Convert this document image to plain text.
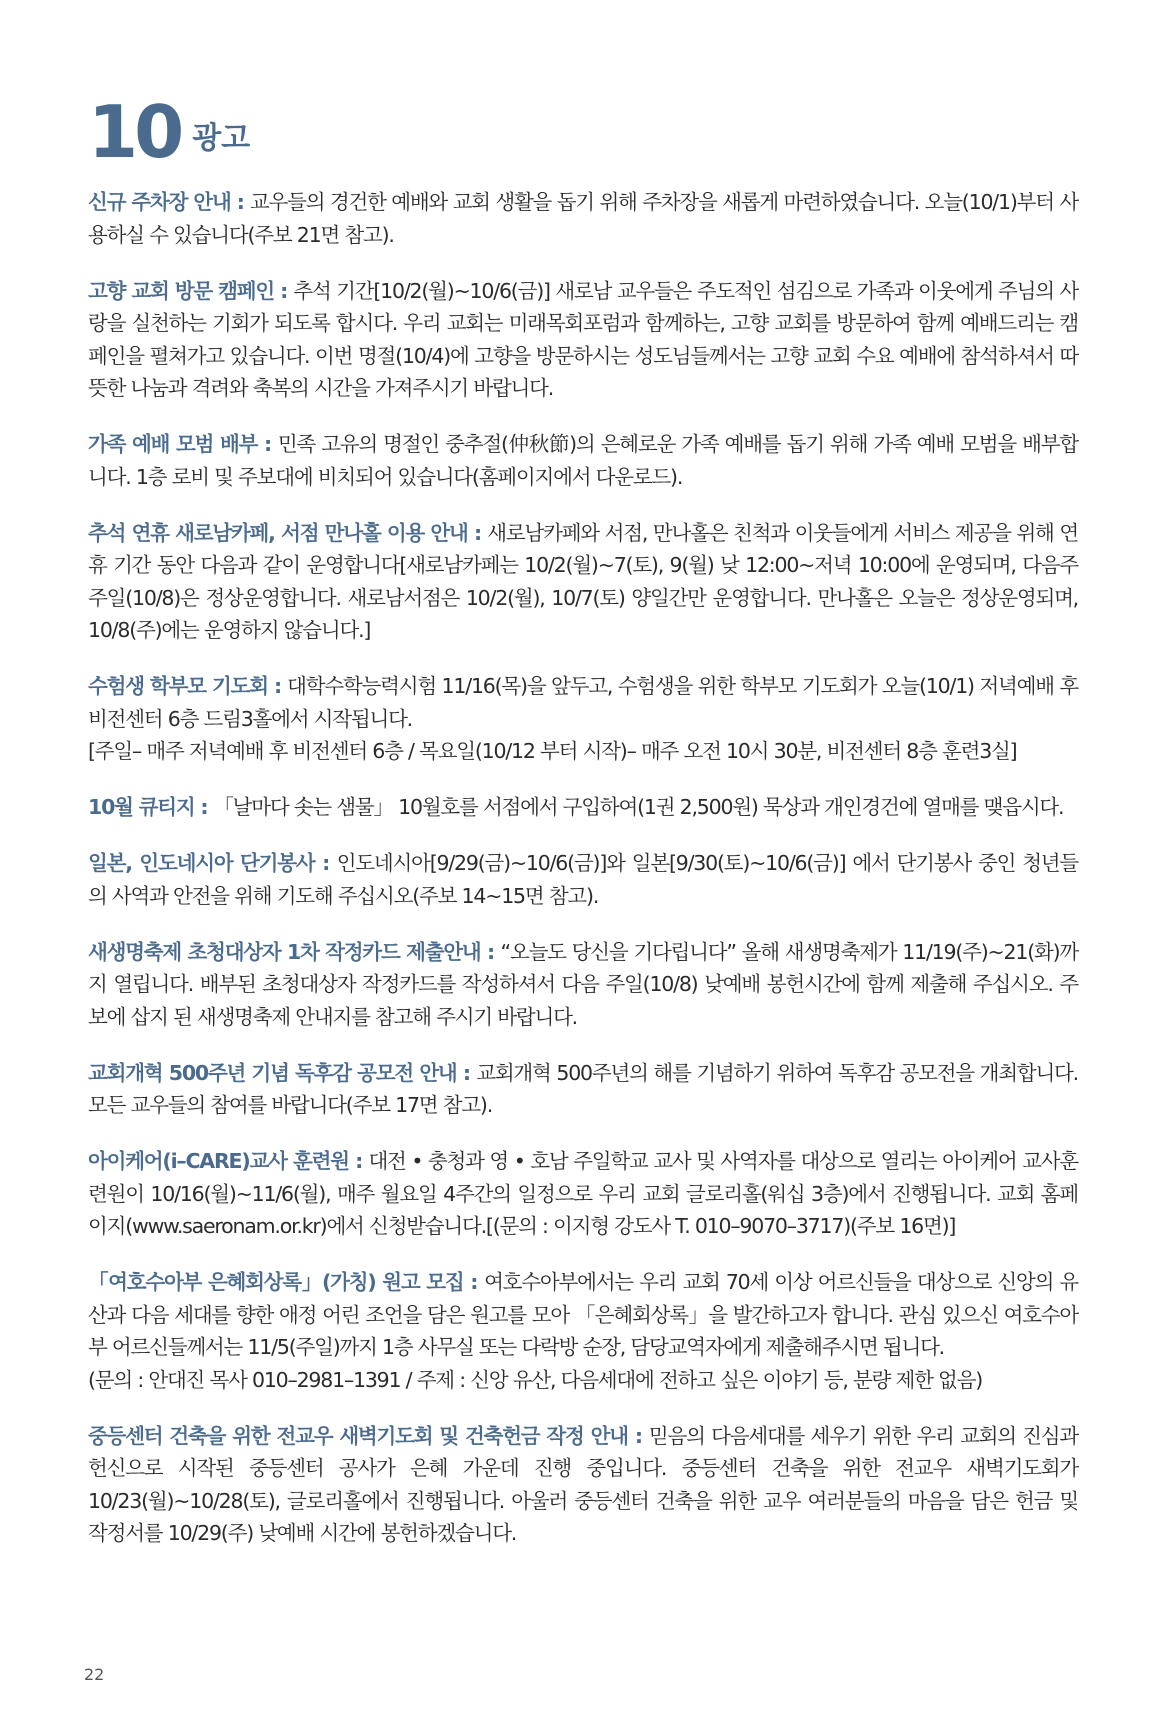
10 광고

신규 주차장 안내 : 교우들의 경건한 예배와 교회 생활을 돕기 위해 주차장을 새롭게 마련하였습니다. 오늘(10/1)부터 사용하실 수 있습니다(주보 21면 참고).

고향 교회 방문 캠페인 : 추석 기간[10/2(월)~10/6(금)] 새로남 교우들은 주도적인 섬김으로 가족과 이웃에게 주님의 사랑을 실천하는 기회가 되도록 합시다. 우리 교회는 미래목회포럼과 함께하는, 고향 교회를 방문하여 함께 예배드리는 캠페인을 펼쳐가고 있습니다. 이번 명절(10/4)에 고향을 방문하시는 성도님들께서는 고향 교회 수요 예배에 참석하셔서 따뜻한 나눔과 격려와 축복의 시간을 가져주시기 바랍니다.

가족 예배 모범 배부 : 민족 고유의 명절인 중추절(仲秋節)의 은혜로운 가족 예배를 돕기 위해 가족 예배 모범을 배부합니다. 1층 로비 및 주보대에 비치되어 있습니다(홈페이지에서 다운로드).

추석 연휴 새로남카페, 서점 만나홀 이용 안내 : 새로남카페와 서점, 만나홀은 친척과 이웃들에게 서비스 제공을 위해 연휴 기간 동안 다음과 같이 운영합니다[새로남카페는 10/2(월)~7(토), 9(월) 낮 12:00~저녁 10:00에 운영되며, 다음주 주일(10/8)은 정상운영합니다. 새로남서점은 10/2(월), 10/7(토) 양일간만 운영합니다. 만나홀은 오늘은 정상운영되며, 10/8(주)에는 운영하지 않습니다.]

수험생 학부모 기도회 : 대학수학능력시험 11/16(목)을 앞두고, 수험생을 위한 학부모 기도회가 오늘(10/1) 저녁예배 후 비전센터 6층 드림3홀에서 시작됩니다.
[주일– 매주 저녁예배 후 비전센터 6층 / 목요일(10/12 부터 시작)– 매주 오전 10시 30분, 비전센터 8층 훈련3실]

10월 큐티지 : 「날마다 솟는 샘물」 10월호를 서점에서 구입하여(1권 2,500원) 묵상과 개인경건에 열매를 맺읍시다.

일본, 인도네시아 단기봉사 : 인도네시아[9/29(금)~10/6(금)]와 일본[9/30(토)~10/6(금)] 에서 단기봉사 중인 청년들의 사역과 안전을 위해 기도해 주십시오(주보 14~15면 참고).

새생명축제 초청대상자 1차 작정카드 제출안내 : “오늘도 당신을 기다립니다” 올해 새생명축제가 11/19(주)~21(화)까지 열립니다. 배부된 초청대상자 작정카드를 작성하셔서 다음 주일(10/8) 낮예배 봉헌시간에 함께 제출해 주십시오. 주보에 삽지 된 새생명축제 안내지를 참고해 주시기 바랍니다.

교회개혁 500주년 기념 독후감 공모전 안내 : 교회개혁 500주년의 해를 기념하기 위하여 독후감 공모전을 개최합니다. 모든 교우들의 참여를 바랍니다(주보 17면 참고).

아이케어(i–CARE)교사 훈련원 : 대전 • 충청과 영 • 호남 주일학교 교사 및 사역자를 대상으로 열리는 아이케어 교사훈련원이 10/16(월)~11/6(월), 매주 월요일 4주간의 일정으로 우리 교회 글로리홀(워십 3층)에서 진행됩니다. 교회 홈페이지(www.saeronam.or.kr)에서 신청받습니다.[(문의 : 이지형 강도사 T. 010–9070–3717)(주보 16면)]

「여호수아부 은혜회상록」(가칭) 원고 모집 : 여호수아부에서는 우리 교회 70세 이상 어르신들을 대상으로 신앙의 유산과 다음 세대를 향한 애정 어린 조언을 담은 원고를 모아 「은혜회상록」을 발간하고자 합니다. 관심 있으신 여호수아부 어르신들께서는 11/5(주일)까지 1층 사무실 또는 다락방 순장, 담당교역자에게 제출해주시면 됩니다.
(문의 : 안대진 목사 010–2981–1391 / 주제 : 신앙 유산, 다음세대에 전하고 싶은 이야기 등, 분량 제한 없음)

중등센터 건축을 위한 전교우 새벽기도회 및 건축헌금 작정 안내 : 믿음의 다음세대를 세우기 위한 우리 교회의 진심과 헌신으로 시작된 중등센터 공사가 은혜 가운데 진행 중입니다. 중등센터 건축을 위한 전교우 새벽기도회가 10/23(월)~10/28(토), 글로리홀에서 진행됩니다. 아울러 중등센터 건축을 위한 교우 여러분들의 마음을 담은 헌금 및 작정서를 10/29(주) 낮예배 시간에 봉헌하겠습니다.

22
